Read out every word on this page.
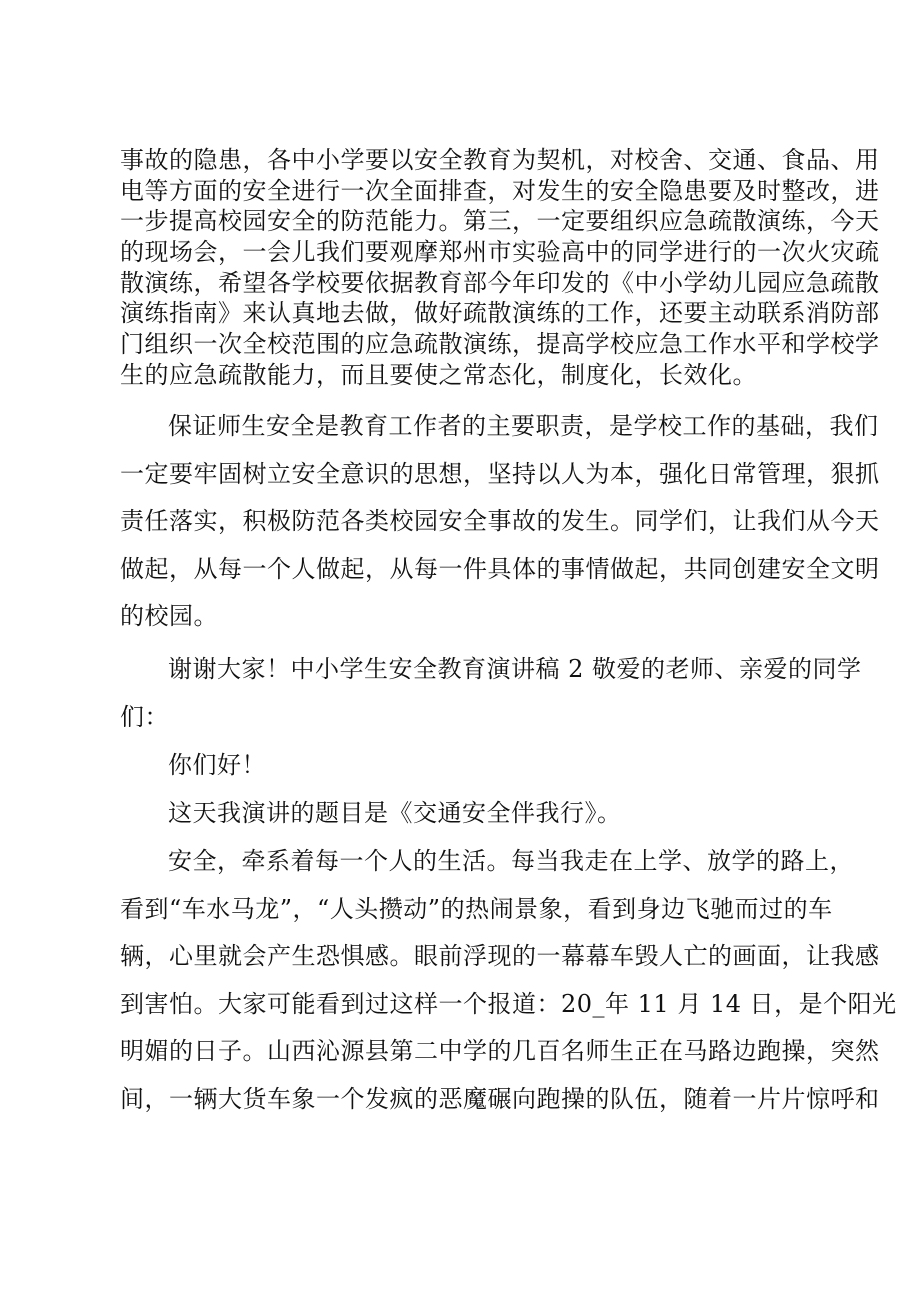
事故的隐患，各中小学要以安全教育为契机，对校舍、交通、食品、用
电等方面的安全进行一次全面排查，对发生的安全隐患要及时整改，进
一步提高校园安全的防范能力。第三，一定要组织应急疏散演练，今天
的现场会，一会儿我们要观摩郑州市实验高中的同学进行的一次火灾疏
散演练，希望各学校要依据教育部今年印发的《中小学幼儿园应急疏散
演练指南》来认真地去做，做好疏散演练的工作，还要主动联系消防部
门组织一次全校范围的应急疏散演练，提高学校应急工作水平和学校学
生的应急疏散能力，而且要使之常态化，制度化，长效化。
保证师生安全是教育工作者的主要职责，是学校工作的基础，我们
一定要牢固树立安全意识的思想，坚持以人为本，强化日常管理，狠抓
责任落实，积极防范各类校园安全事故的发生。同学们，让我们从今天
做起，从每一个人做起，从每一件具体的事情做起，共同创建安全文明
的校园。
谢谢大家！中小学生安全教育演讲稿 2 敬爱的老师、亲爱的同学
们：
你们好！
这天我演讲的题目是《交通安全伴我行》。
安全，牵系着每一个人的生活。每当我走在上学、放学的路上，
看到“车水马龙”，“人头攒动”的热闹景象，看到身边飞驰而过的车
辆，心里就会产生恐惧感。眼前浮现的一幕幕车毁人亡的画面，让我感
到害怕。大家可能看到过这样一个报道：20_年 11 月 14 日，是个阳光
明媚的日子。山西沁源县第二中学的几百名师生正在马路边跑操，突然
间，一辆大货车象一个发疯的恶魔碾向跑操的队伍，随着一片片惊呼和
